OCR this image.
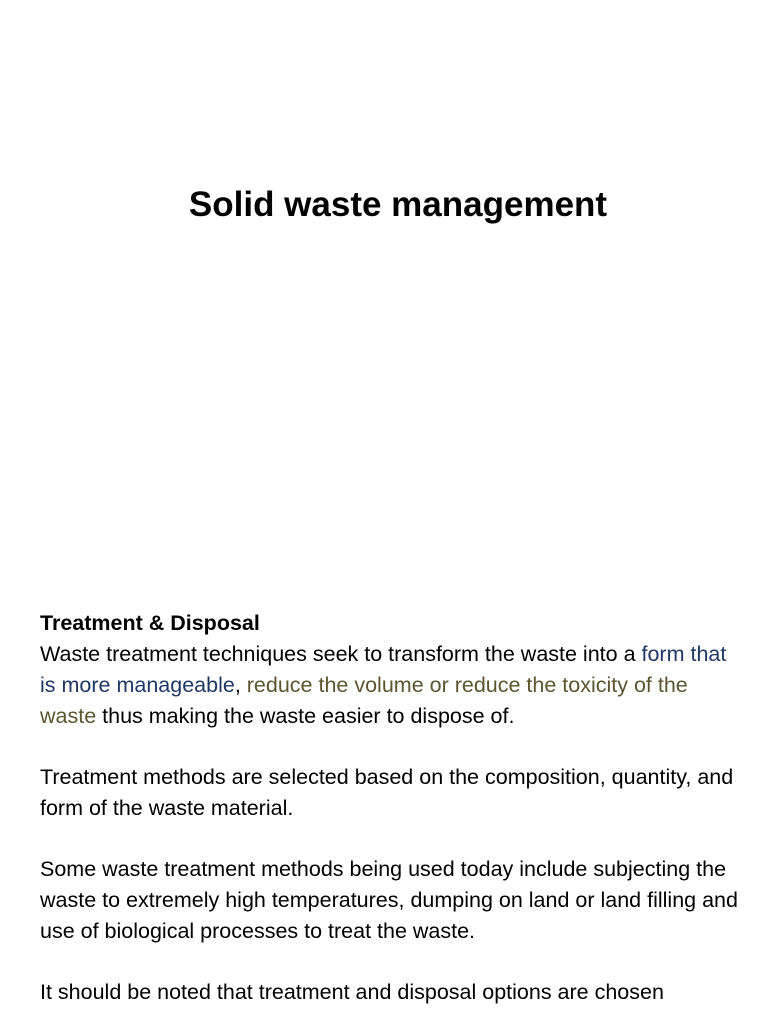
Solid waste management

Treatment & Disposal
Waste treatment techniques seek to transform the waste into a form that is more manageable, reduce the volume or reduce the toxicity of the waste thus making the waste easier to dispose of.

Treatment methods are selected based on the composition, quantity, and form of the waste material.

Some waste treatment methods being used today include subjecting the waste to extremely high temperatures, dumping on land or land filling and use of biological processes to treat the waste.

It should be noted that treatment and disposal options are chosen
